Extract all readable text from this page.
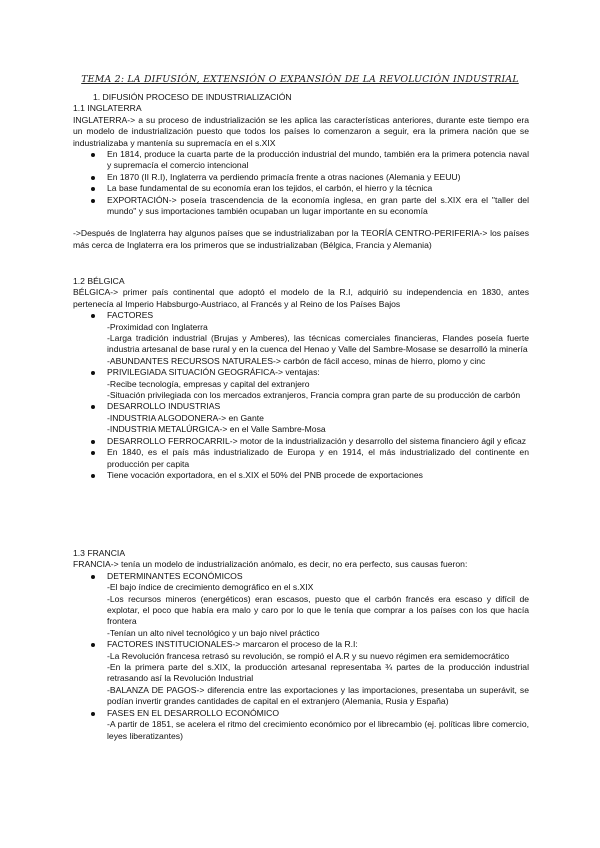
TEMA 2: LA DIFUSIÓN, EXTENSIÓN O EXPANSIÓN DE LA REVOLUCIÓN INDUSTRIAL

1. DIFUSIÓN PROCESO DE INDUSTRIALIZACIÓN

1.1 INGLATERRA

INGLATERRA-> a su proceso de industrialización se les aplica las características anteriores, durante este tiempo era un modelo de industrialización puesto que todos los países lo comenzaron a seguir, era la primera nación que se industrializaba y mantenía su supremacía en el s.XIX

En 1814, produce la cuarta parte de la producción industrial del mundo, también era la primera potencia naval y supremacía el comercio intencional
En 1870 (II R.I), Inglaterra va perdiendo primacía frente a otras naciones (Alemania y EEUU)
La base fundamental de su economía eran los tejidos, el carbón, el hierro y la técnica
EXPORTACIÓN-> poseía trascendencia de la economía inglesa, en gran parte del s.XIX era el "taller del mundo" y sus importaciones también ocupaban un lugar importante en su economía

->Después de Inglaterra hay algunos países que se industrializaban por la TEORÍA CENTRO-PERIFERIA-> los países más cerca de Inglaterra era los primeros que se industrializaban (Bélgica, Francia y Alemania)

1.2 BÉLGICA

BÉLGICA-> primer país continental que adoptó el modelo de la R.I, adquirió su independencia en 1830, antes pertenecía al Imperio Habsburgo-Austriaco, al Francés y al Reino de los Países Bajos

FACTORES
-Proximidad con Inglaterra
-Larga tradición industrial (Brujas y Amberes), las técnicas comerciales financieras, Flandes poseía fuerte industria artesanal de base rural y en la cuenca del Henao y Valle del Sambre-Mosase se desarrolló la minería
-ABUNDANTES RECURSOS NATURALES-> carbón de fácil acceso, minas de hierro, plomo y cinc
PRIVILEGIADA SITUACIÓN GEOGRÁFICA-> ventajas:
-Recibe tecnología, empresas y capital del extranjero
-Situación privilegiada con los mercados extranjeros, Francia compra gran parte de su producción de carbón
DESARROLLO INDUSTRIAS
-INDUSTRIA ALGODONERA-> en Gante
-INDUSTRIA METALÚRGICA-> en el Valle Sambre-Mosa
DESARROLLO FERROCARRIL-> motor de la industrialización y desarrollo del sistema financiero ágil y eficaz
En 1840, es el país más industrializado de Europa y en 1914, el más industrializado del continente en producción per capita
Tiene vocación exportadora, en el s.XIX el 50% del PNB procede de exportaciones

1.3 FRANCIA

FRANCIA-> tenía un modelo de industrialización anómalo, es decir, no era perfecto, sus causas fueron:

DETERMINANTES ECONÓMICOS
-El bajo índice de crecimiento demográfico en el s.XIX
-Los recursos mineros (energéticos) eran escasos, puesto que el carbón francés era escaso y difícil de explotar, el poco que había era malo y caro por lo que le tenía que comprar a los países con los que hacía frontera
-Tenían un alto nivel tecnológico y un bajo nivel práctico
FACTORES INSTITUCIONALES-> marcaron el proceso de la R.I:
-La Revolución francesa retrasó su revolución, se rompió el A.R y su nuevo régimen era semidemocrático
-En la primera parte del s.XIX, la producción artesanal representaba ¾ partes de la producción industrial retrasando así la Revolución Industrial
-BALANZA DE PAGOS-> diferencia entre las exportaciones y las importaciones, presentaba un superávit, se podían invertir grandes cantidades de capital en el extranjero (Alemania, Rusia y España)
FASES EN EL DESARROLLO ECONÓMICO
-A partir de 1851, se acelera el ritmo del crecimiento económico por el librecambio (ej. políticas libre comercio, leyes liberatizantes)
